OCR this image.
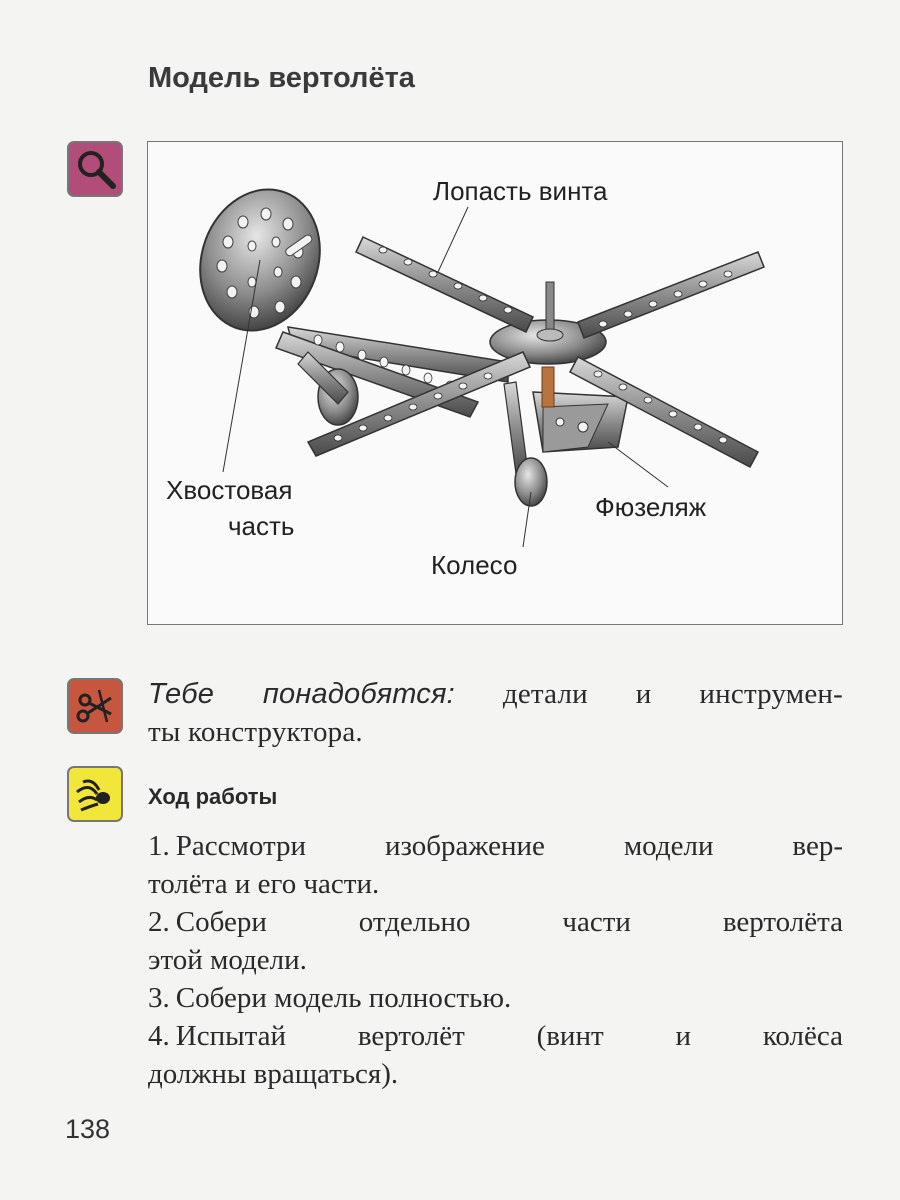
Модель вертолёта
Лопасть винта
Хвостовая
часть
Фюзеляж
Колесо
Тебе понадобятся: детали и инструмен-
ты конструктора.
Ход работы
1. Рассмотри изображение модели вер-
толёта и его части.
2. Собери отдельно части вертолёта
этой модели.
3. Собери модель полностью.
4. Испытай вертолёт (винт и колёса
должны вращаться).
138
